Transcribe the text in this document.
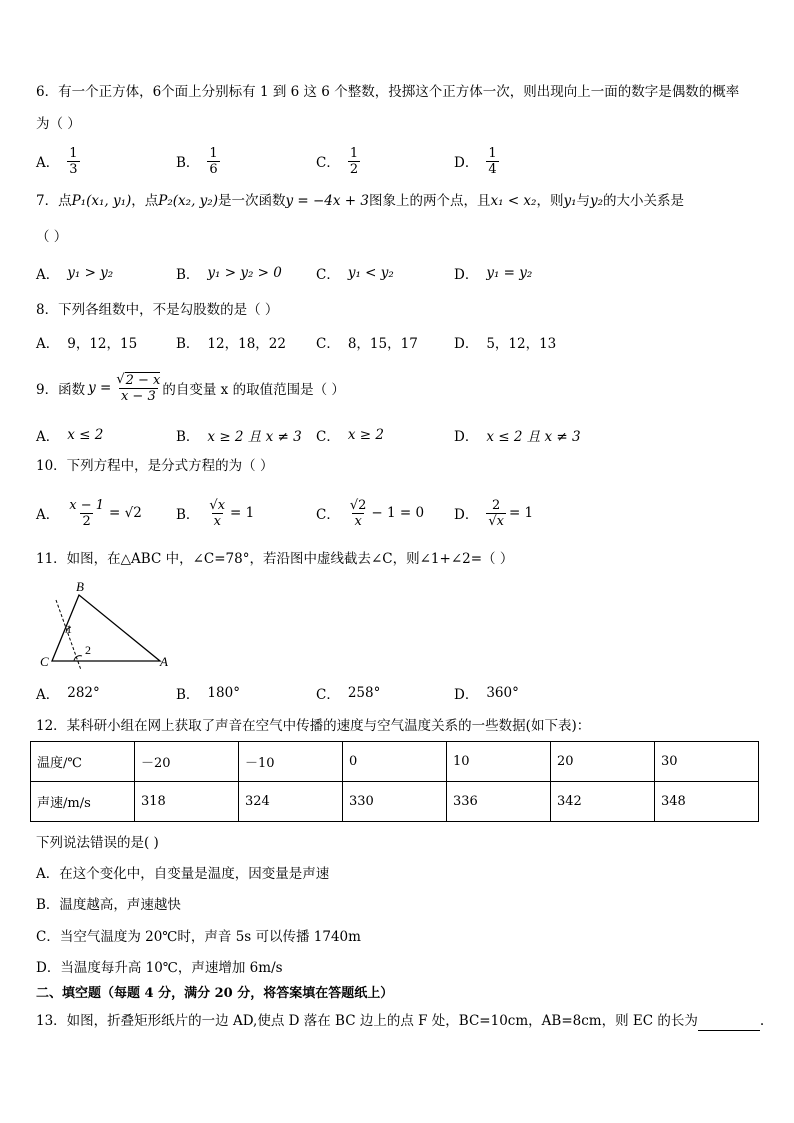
6．有一个正方体，6个面上分别标有 1 到 6 这 6 个整数，投掷这个正方体一次，则出现向上一面的数字是偶数的概率
为（ ）
A． $\frac{1}{3}$	B． $\frac{1}{6}$	C． $\frac{1}{2}$	D． $\frac{1}{4}$
7．点P₁(x₁, y₁)，点P₂(x₂, y₂)是一次函数y = −4x + 3图象上的两个点，且x₁ < x₂，则y₁与y₂的大小关系是
（ ）
A． y₁ > y₂	B． y₁ > y₂ > 0	C． y₁ < y₂	D． y₁ = y₂
8．下列各组数中，不是勾股数的是（ ）
A． 9，12，15	B． 12，18，22 C． 8，15，17	D． 5，12，13
9．函数 $y = \frac{√ 2 - x}{x - 3}$ 的自变量 x 的取值范围是（ ）
A． x ≤ 2	B． x ≥ 2 且 x ≠ 3 C． x ≥ 2	D． x ≤ 2 且 x ≠ 3
10．下列方程中，是分式方程的为（ ）
A． $\frac{x - 1}{2} = √2$	B． $\frac{√x}{x} = 1$	C． $\frac{√2}{x} - 1 = 0$ D． $\frac{2}{√x} = 1$
11．如图，在△ABC 中，∠C=78°，若沿图中虚线截去∠C，则∠1+∠2=（ ）
B
C	A
1
2
A． 282°	B． 180°	C． 258°	D． 360°
12．某科研小组在网上获取了声音在空气中传播的速度与空气温度关系的一些数据(如下表)：
温度/℃	－20	－10	0	10	20	30
声速/m/s	318	324	330	336	342	348
下列说法错误的是( )
A．在这个变化中，自变量是温度，因变量是声速
B．温度越高，声速越快
C．当空气温度为 20℃时，声音 5s 可以传播 1740m
D．当温度每升高 10℃，声速增加 6m/s
二、填空题（每题 4 分，满分 20 分，将答案填在答题纸上）
13．如图，折叠矩形纸片的一边 AD,使点 D 落在 BC 边上的点 F 处，BC=10cm，AB=8cm，则 EC 的长为	.
